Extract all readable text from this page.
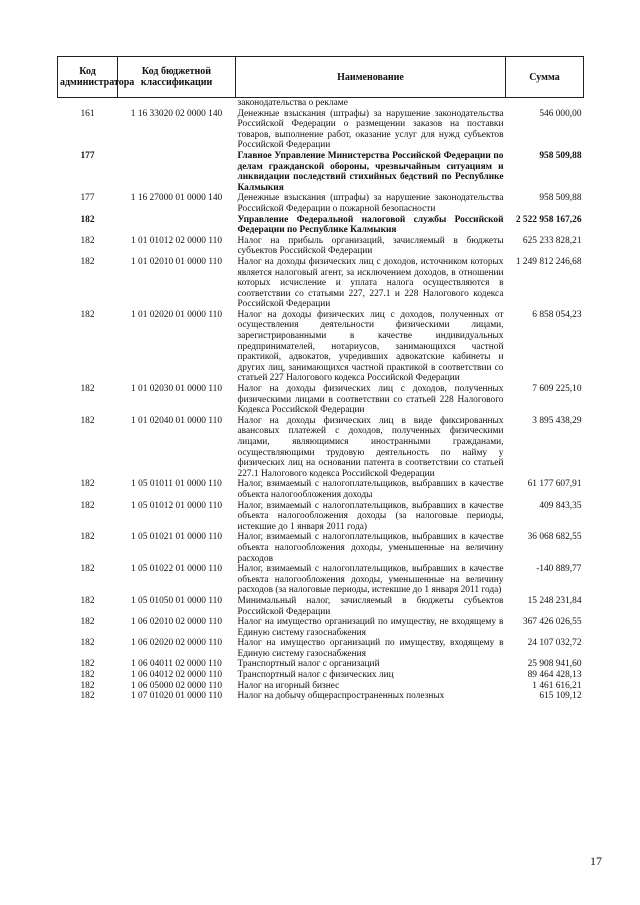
Код администратора	Код бюджетной классификации	Наименование	Сумма
		законодательства о рекламе	
161	1 16 33020 02 0000 140	Денежные взыскания (штрафы) за нарушение законодательства Российской Федерации о размещении заказов на поставки товаров, выполнение работ, оказание услуг для нужд субъектов Российской Федерации	546 000,00
177		Главное Управление Министерства Российской Федерации по делам гражданской обороны, чрезвычайным ситуациям и ликвидации последствий стихийных бедствий по Республике Калмыкия	958 509,88
177	1 16 27000 01 0000 140	Денежные взыскания (штрафы) за нарушение законодательства Российской Федерации о пожарной безопасности	958 509,88
182		Управление Федеральной налоговой службы Российской Федерации по Республике Калмыкия	2 522 958 167,26
182	1 01 01012 02 0000 110	Налог на прибыль организаций, зачисляемый в бюджеты субъектов Российской Федерации	625 233 828,21
182	1 01 02010 01 0000 110	Налог на доходы физических лиц с доходов, источником которых является налоговый агент, за исключением доходов, в отношении которых исчисление и уплата налога осуществляются в соответствии со статьями 227, 227.1 и 228 Налогового кодекса Российской Федерации	1 249 812 246,68
182	1 01 02020 01 0000 110	Налог на доходы физических лиц с доходов, полученных от осуществления деятельности физическими лицами, зарегистрированными в качестве индивидуальных предпринимателей, нотариусов, занимающихся частной практикой, адвокатов, учредивших адвокатские кабинеты и других лиц, занимающихся частной практикой в соответствии со статьей 227 Налогового кодекса Российской Федерации	6 858 054,23
182	1 01 02030 01 0000 110	Налог на доходы физических лиц с доходов, полученных физическими лицами в соответствии со статьей 228 Налогового Кодекса Российской Федерации	7 609 225,10
182	1 01 02040 01 0000 110	Налог на доходы физических лиц в виде фиксированных авансовых платежей с доходов, полученных физическими лицами, являющимися иностранными гражданами, осуществляющими трудовую деятельность по найму у физических лиц на основании патента в соответствии со статьей 227.1 Налогового кодекса Российской Федерации	3 895 438,29
182	1 05 01011 01 0000 110	Налог, взимаемый с налогоплательщиков, выбравших в качестве объекта налогообложения доходы	61 177 607,91
182	1 05 01012 01 0000 110	Налог, взимаемый с налогоплательщиков, выбравших в качестве объекта налогообложения доходы (за налоговые периоды, истекшие до 1 января 2011 года)	409 843,35
182	1 05 01021 01 0000 110	Налог, взимаемый с налогоплательщиков, выбравших в качестве объекта налогообложения доходы, уменьшенные на величину расходов	36 068 682,55
182	1 05 01022 01 0000 110	Налог, взимаемый с налогоплательщиков, выбравших в качестве объекта налогообложения доходы, уменьшенные на величину расходов (за налоговые периоды, истекшие до 1 января 2011 года)	-140 889,77
182	1 05 01050 01 0000 110	Минимальный налог, зачисляемый в бюджеты субъектов Российской Федерации	15 248 231,84
182	1 06 02010 02 0000 110	Налог на имущество организаций по имуществу, не входящему в Единую систему газоснабжения	367 426 026,55
182	1 06 02020 02 0000 110	Налог на имущество организаций по имуществу, входящему в Единую систему газоснабжения	24 107 032,72
182	1 06 04011 02 0000 110	Транспортный налог с организаций	25 908 941,60
182	1 06 04012 02 0000 110	Транспортный налог с физических лиц	89 464 428,13
182	1 06 05000 02 0000 110	Налог на игорный бизнес	1 461 616,21
182	1 07 01020 01 0000 110	Налог на добычу общераспространенных полезных	615 109,12
17
